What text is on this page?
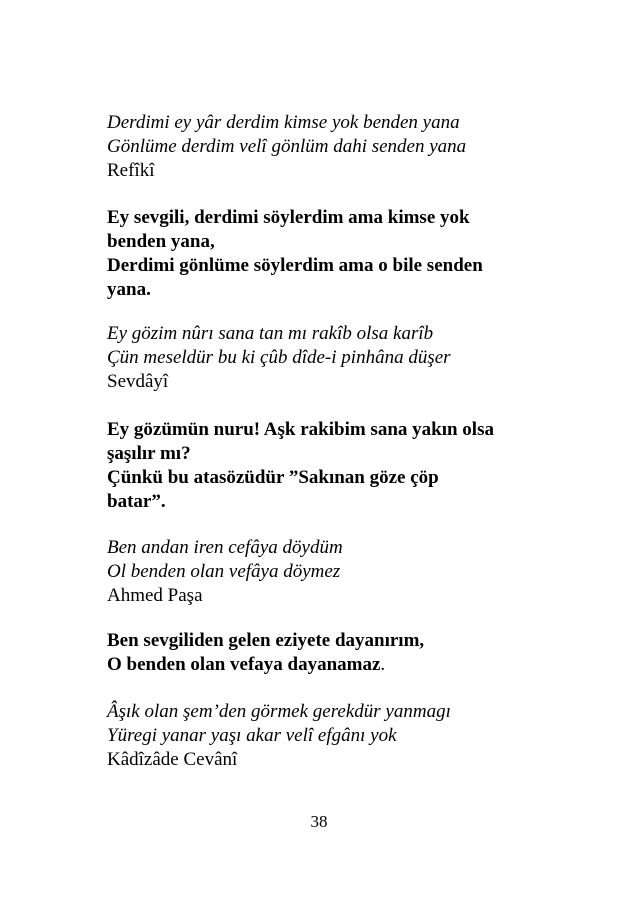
Derdimi ey yâr derdim kimse yok benden yana
Gönlüme derdim velî gönlüm dahi senden yana
Refîkî
Ey sevgili, derdimi söylerdim ama kimse yok
benden yana,
Derdimi gönlüme söylerdim ama o bile senden
yana.
Ey gözim nûrı sana tan mı rakîb olsa karîb
Çün meseldür bu ki çûb dîde-i pinhâna düşer
Sevdâyî
Ey gözümün nuru! Aşk rakibim sana yakın olsa
şaşılır mı?
Çünkü bu atasözüdür ”Sakınan göze çöp
batar”.
Ben andan iren cefâya döydüm
Ol benden olan vefâya döymez
Ahmed Paşa
Ben sevgiliden gelen eziyete dayanırım,
O benden olan vefaya dayanamaz.
Âşık olan şem’den görmek gerekdür yanmagı
Yüregi yanar yaşı akar velî efgânı yok
Kâdîzâde Cevânî
38
